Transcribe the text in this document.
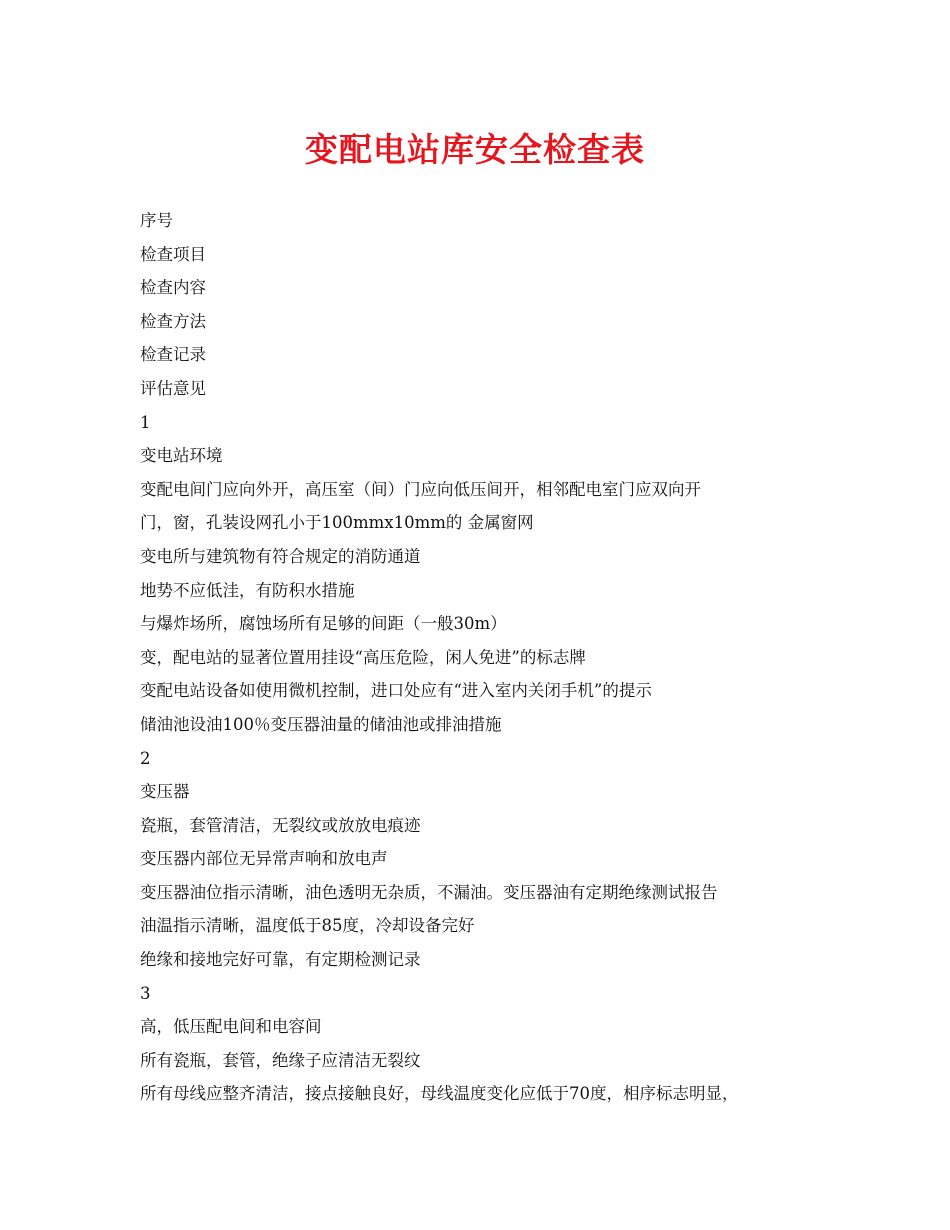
变配电站库安全检查表
序号
检查项目
检查内容
检查方法
检查记录
评估意见
1
变电站环境
变配电间门应向外开，高压室（间）门应向低压间开，相邻配电室门应双向开
门，窗，孔装设网孔小于100mmx10mm的 金属窗网
变电所与建筑物有符合规定的消防通道
地势不应低洼，有防积水措施
与爆炸场所，腐蚀场所有足够的间距（一般30m）
变，配电站的显著位置用挂设“高压危险，闲人免进”的标志牌
变配电站设备如使用微机控制，进口处应有“进入室内关闭手机”的提示
储油池设油100％变压器油量的储油池或排油措施
2
变压器
瓷瓶，套管清洁，无裂纹或放放电痕迹
变压器内部位无异常声响和放电声
变压器油位指示清晰，油色透明无杂质，不漏油。变压器油有定期绝缘测试报告
油温指示清晰，温度低于85度，冷却设备完好
绝缘和接地完好可靠，有定期检测记录
3
高，低压配电间和电容间
所有瓷瓶，套管，绝缘子应清洁无裂纹
所有母线应整齐清洁，接点接触良好，母线温度变化应低于70度，相序标志明显，
